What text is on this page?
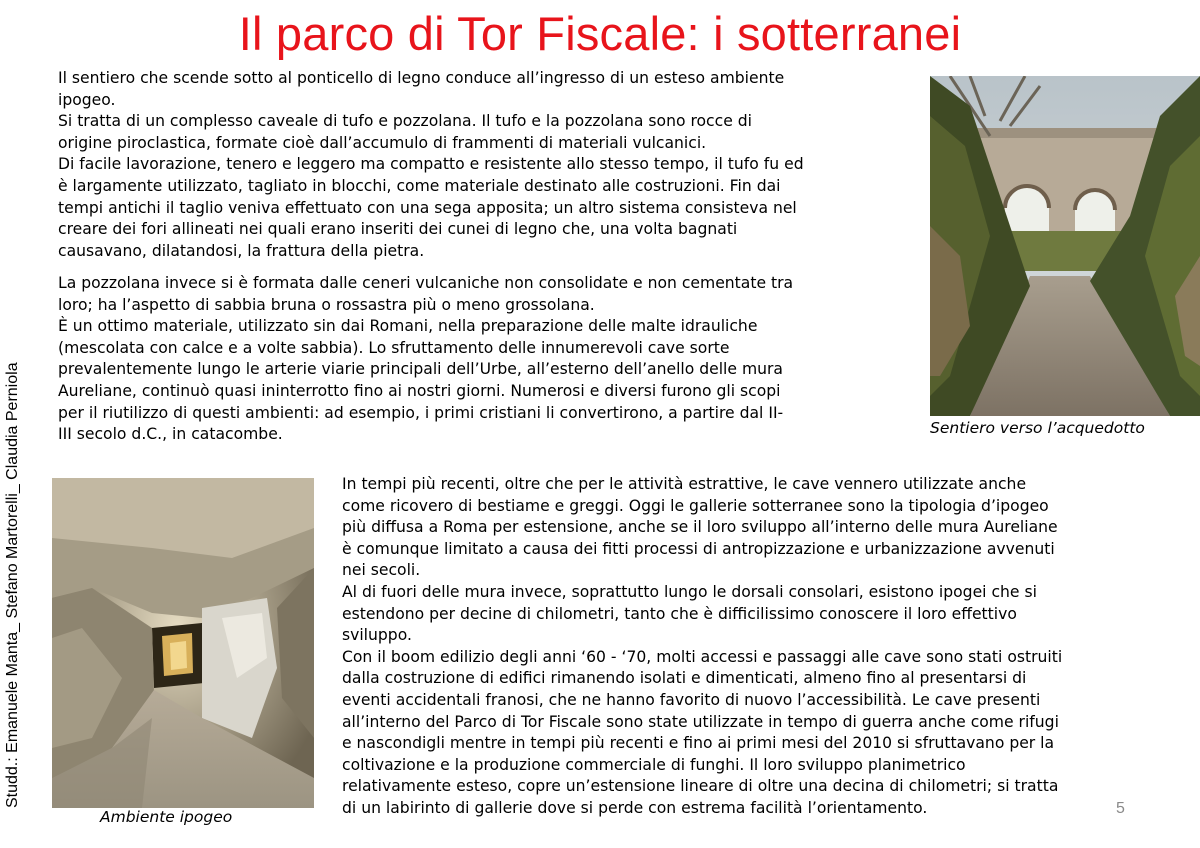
Il parco di Tor Fiscale: i sotterranei
Il sentiero che scende sotto al ponticello di legno conduce all’ingresso di un esteso ambiente
ipogeo.
Si tratta di un complesso caveale di tufo e pozzolana. Il tufo e la pozzolana sono rocce di
origine piroclastica, formate cioè dall’accumulo di frammenti di materiali vulcanici.
Di facile lavorazione, tenero e leggero ma compatto e resistente allo stesso tempo, il tufo fu ed
è largamente utilizzato, tagliato in blocchi, come materiale destinato alle costruzioni. Fin dai
tempi antichi il taglio veniva effettuato con una sega apposita; un altro sistema consisteva nel
creare dei fori allineati nei quali erano inseriti dei cunei di legno che, una volta bagnati
causavano, dilatandosi, la frattura della pietra.
La pozzolana invece si è formata dalle ceneri vulcaniche non consolidate e non cementate tra
loro; ha l’aspetto di sabbia bruna o rossastra più o meno grossolana.
È un ottimo materiale, utilizzato sin dai Romani, nella preparazione delle malte idrauliche
(mescolata con calce e a volte sabbia). Lo sfruttamento delle innumerevoli cave sorte
prevalentemente lungo le arterie viarie principali dell’Urbe, all’esterno dell’anello delle mura
Aureliane, continuò quasi ininterrotto fino ai nostri giorni. Numerosi e diversi furono gli scopi
per il riutilizzo di questi ambienti: ad esempio, i primi cristiani li convertirono, a partire dal II-
III secolo d.C., in catacombe.
In tempi più recenti, oltre che per le attività estrattive, le cave vennero utilizzate anche
come ricovero di bestiame e greggi. Oggi le gallerie sotterranee sono la tipologia d’ipogeo
più diffusa a Roma per estensione, anche se il loro sviluppo all’interno delle mura Aureliane
è comunque limitato a causa dei fitti processi di antropizzazione e urbanizzazione avvenuti
nei secoli.
Al di fuori delle mura invece, soprattutto lungo le dorsali consolari, esistono ipogei che si
estendono per decine di chilometri, tanto che è difficilissimo conoscere il loro effettivo
sviluppo.
Con il boom edilizio degli anni ‘60 - ‘70, molti accessi e passaggi alle cave sono stati ostruiti
dalla costruzione di edifici rimanendo isolati e dimenticati, almeno fino al presentarsi di
eventi accidentali franosi, che ne hanno favorito di nuovo l’accessibilità. Le cave presenti
all’interno del Parco di Tor Fiscale sono state utilizzate in tempo di guerra anche come rifugi
e nascondigli mentre in tempi più recenti e fino ai primi mesi del 2010 si sfruttavano per la
coltivazione e la produzione commerciale di funghi. Il loro sviluppo planimetrico
relativamente esteso, copre un’estensione lineare di oltre una decina di chilometri; si tratta
di un labirinto di gallerie dove si perde con estrema facilità l’orientamento.
Sentiero verso l’acquedotto
Ambiente ipogeo
Studd.: Emanuele Manta_ Stefano Martorelli_ Claudia Perniola
5
